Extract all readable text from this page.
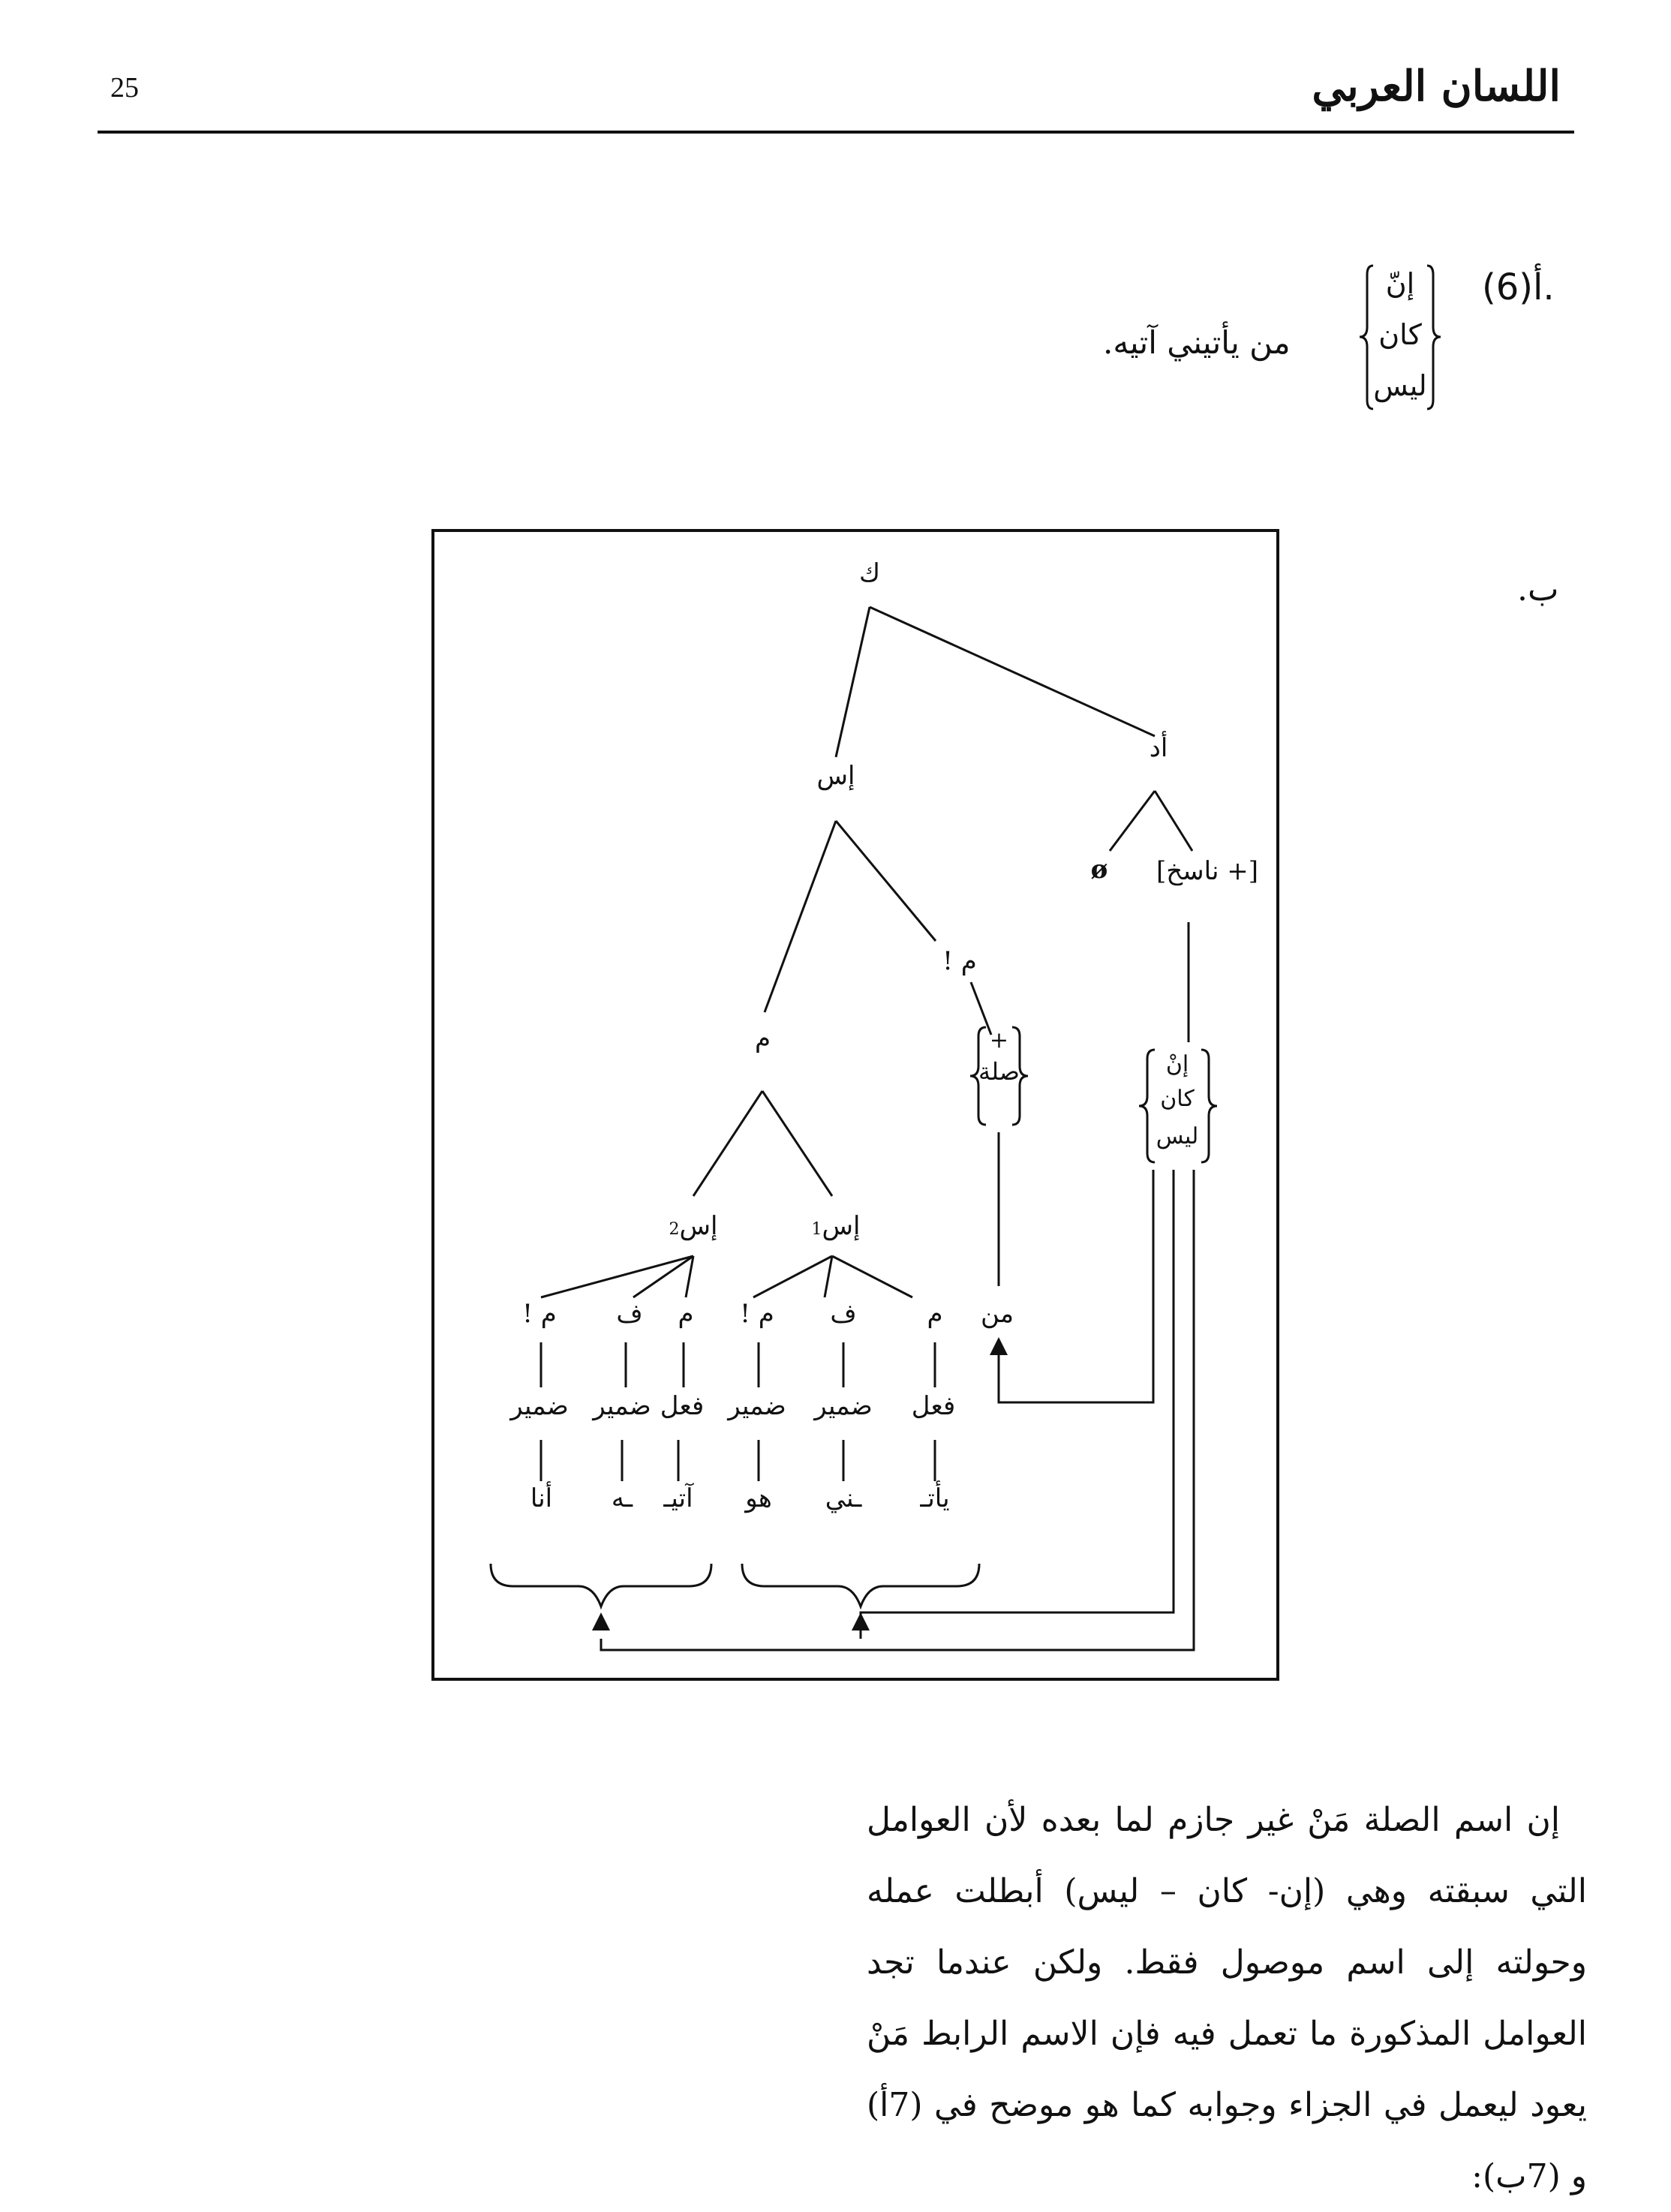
25	اللسان العربي
(6)أ.
إنّ
كان
ليس
من يأتيني آتيه.
ب.
ك
أد
إس
[+ ناسخ]
ø
م !
+
صلة
م
إنْ
كان
ليس
إس2	إس1
م
ف
م !	م
ف
م !	من
فعل
ضمير
ضمير	فعل
ضمير
ضمير
آتيـ
ـه
أنا	يأتـ
ـني
هو
إن اسم الصلة مَنْ غير جازم لما بعده لأن العوامل التي سبقته وهي (إن- كان – ليس) أبطلت عمله وحولته إلى اسم موصول فقط. ولكن عندما تجد العوامل المذكورة ما تعمل فيه فإن الاسم الرابط مَنْ يعود ليعمل في الجزاء وجوابه كما هو موضح في (7أ) و (7ب):
